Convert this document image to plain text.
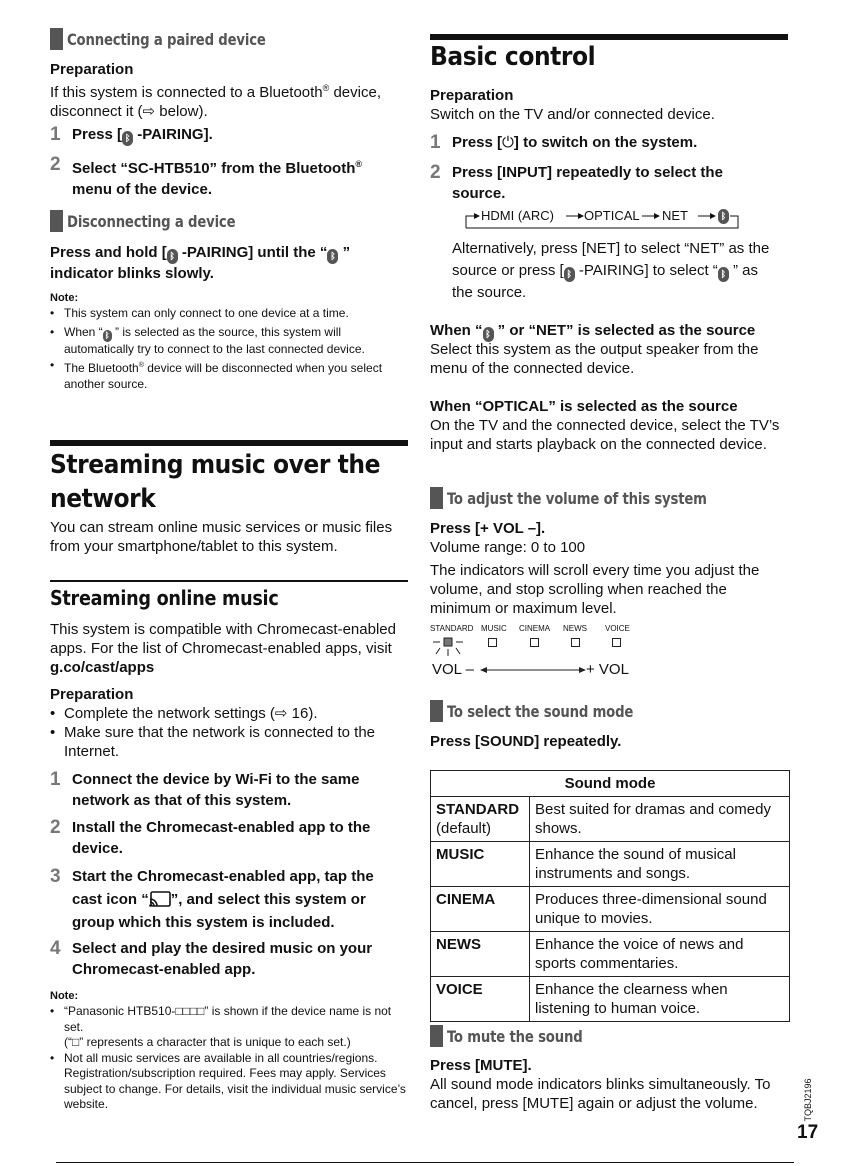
Connecting a paired device
Preparation
If this system is connected to a Bluetooth® device, disconnect it (⇨ below).
1 Press [ ᛒ -PAIRING].
2 Select “SC-HTB510” from the Bluetooth® menu of the device.
Disconnecting a device
Press and hold [ ᛒ -PAIRING] until the “ ᛒ ” indicator blinks slowly.
Note:
• This system can only connect to one device at a time.
• When “ ᛒ ” is selected as the source, this system will automatically try to connect to the last connected device.
• The Bluetooth® device will be disconnected when you select another source.
Streaming music over the
network
You can stream online music services or music files from your smartphone/tablet to this system.
Streaming online music
This system is compatible with Chromecast-enabled apps. For the list of Chromecast-enabled apps, visit g.co/cast/apps
Preparation
• Complete the network settings (⇨ 16).
• Make sure that the network is connected to the Internet.
1 Connect the device by Wi-Fi to the same network as that of this system.
2 Install the Chromecast-enabled app to the device.
3 Start the Chromecast-enabled app, tap the cast icon “ ”, and select this system or group which this system is included.
4 Select and play the desired music on your Chromecast-enabled app.
Note:
• “Panasonic HTB510-□□□□” is shown if the device name is not set.
(“□” represents a character that is unique to each set.)
• Not all music services are available in all countries/regions. Registration/subscription required. Fees may apply. Services subject to change. For details, visit the individual music service’s website.
Basic control
Preparation
Switch on the TV and/or connected device.
1 Press [⏻] to switch on the system.
2 Press [INPUT] repeatedly to select the source.
HDMI (ARC) OPTICAL NET	ᛒ
Alternatively, press [NET] to select “NET” as the source or press [ ᛒ -PAIRING] to select “ ᛒ ” as the source.
When “ ᛒ ” or “NET” is selected as the source
Select this system as the output speaker from the menu of the connected device.
When “OPTICAL” is selected as the source
On the TV and the connected device, select the TV’s input and starts playback on the connected device.
To adjust the volume of this system
Press [+ VOL –].
Volume range: 0 to 100
The indicators will scroll every time you adjust the volume, and stop scrolling when reached the minimum or maximum level.
STANDARD MUSIC CINEMA NEWS VOICE
VOL –	+ VOL
To select the sound mode
Press [SOUND] repeatedly.
Sound mode	
STANDARD
(default)	Best suited for dramas and comedy shows.
MUSIC	Enhance the sound of musical instruments and songs.
CINEMA	Produces three-dimensional sound unique to movies.
NEWS	Enhance the voice of news and sports commentaries.
VOICE	Enhance the clearness when listening to human voice.
To mute the sound
Press [MUTE].
All sound mode indicators blinks simultaneously. To cancel, press [MUTE] again or adjust the volume.	TQBJ2196
17
